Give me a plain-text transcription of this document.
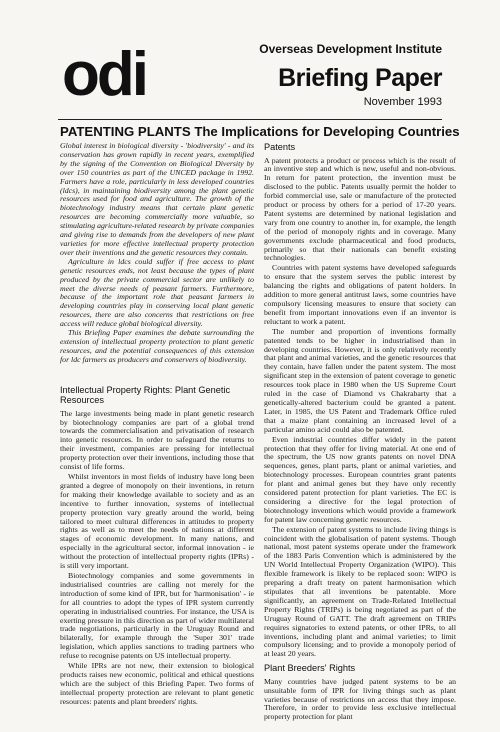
odi	Overseas Development Institute
Briefing Paper
November 1993
PATENTING PLANTS The Implications for Developing Countries

Global interest in biological diversity - 'biodiversity' - and its conservation has grown rapidly in recent years, exemplified by the signing of the Convention on Biological Diversity by over 150 countries as part of the UNCED package in 1992. Farmers have a role, particularly in less developed countries (ldcs), in maintaining biodiversity among the plant genetic resources used for food and agriculture. The growth of the biotechnology industry means that certain plant genetic resources are becoming commercially more valuable, so stimulating agriculture-related research by private companies and giving rise to demands from the developers of new plant varieties for more effective intellectual property protection over their inventions and the genetic resources they contain.

Agriculture in ldcs could suffer if free access to plant genetic resources ends, not least because the types of plant produced by the private commercial sector are unlikely to meet the diverse needs of peasant farmers. Furthermore, because of the important role that peasant farmers in developing countries play in conserving local plant genetic resources, there are also concerns that restrictions on free access will reduce global biological diversity.

This Briefing Paper examines the debate surrounding the extension of intellectual property protection to plant genetic resources, and the potential consequences of this extension for ldc farmers as producers and conservers of biodiversity.

Intellectual Property Rights: Plant Genetic Resources

The large investments being made in plant genetic research by biotechnology companies are part of a global trend towards the commercialisation and privatisation of research into genetic resources. In order to safeguard the returns to their investment, companies are pressing for intellectual property protection over their inventions, including those that consist of life forms.

Whilst inventors in most fields of industry have long been granted a degree of monopoly on their inventions, in return for making their knowledge available to society and as an incentive to further innovation, systems of intellectual property protection vary greatly around the world, being tailored to meet cultural differences in attitudes to property rights as well as to meet the needs of nations at different stages of economic development. In many nations, and especially in the agricultural sector, informal innovation - ie without the protection of intellectual property rights (IPRs) - is still very important.

Biotechnology companies and some governments in industrialised countries are calling not merely for the introduction of some kind of IPR, but for 'harmonisation' - ie for all countries to adopt the types of IPR system currently operating in industrialised countries. For instance, the USA is exerting pressure in this direction as part of wider multilateral trade negotiations, particularly in the Uruguay Round and bilaterally, for example through the 'Super 301' trade legislation, which applies sanctions to trading partners who refuse to recognise patents on US intellectual property.

While IPRs are not new, their extension to biological products raises new economic, political and ethical questions which are the subject of this Briefing Paper. Two forms of intellectual property protection are relevant to plant genetic resources: patents and plant breeders' rights.

Patents

A patent protects a product or process which is the result of an inventive step and which is new, useful and non-obvious. In return for patent protection, the invention must be disclosed to the public. Patents usually permit the holder to forbid commercial use, sale or manufacture of the protected product or process by others for a period of 17-20 years. Patent systems are determined by national legislation and vary from one country to another in, for example, the length of the period of monopoly rights and in coverage. Many governments exclude pharmaceutical and food products, primarily so that their nationals can benefit existing technologies.

Countries with patent systems have developed safeguards to ensure that the system serves the public interest by balancing the rights and obligations of patent holders. In addition to more general antitrust laws, some countries have compulsory licensing measures to ensure that society can benefit from important innovations even if an inventor is reluctant to work a patent.

The number and proportion of inventions formally patented tends to be higher in industrialised than in developing countries. However, it is only relatively recently that plant and animal varieties, and the genetic resources that they contain, have fallen under the patent system. The most significant step in the extension of patent coverage to genetic resources took place in 1980 when the US Supreme Court ruled in the case of Diamond vs Chakrabarty that a genetically-altered bacterium could be granted a patent. Later, in 1985, the US Patent and Trademark Office ruled that a maize plant containing an increased level of a particular amino acid could also be patented.

Even industrial countries differ widely in the patent protection that they offer for living material. At one end of the spectrum, the US now grants patents on novel DNA sequences, genes, plant parts, plant or animal varieties, and biotechnology processes. European countries grant patents for plant and animal genes but they have only recently considered patent protection for plant varieties. The EC is considering a directive for the legal protection of biotechnology inventions which would provide a framework for patent law concerning genetic resources.

The extension of patent systems to include living things is coincident with the globalisation of patent systems. Though national, most patent systems operate under the framework of the 1883 Paris Convention which is administered by the UN World Intellectual Property Organization (WIPO). This flexible framework is likely to be replaced soon: WIPO is preparing a draft treaty on patent harmonisation which stipulates that all inventions be patentable. More significantly, an agreement on Trade-Related Intellectual Property Rights (TRIPs) is being negotiated as part of the Uruguay Round of GATT. The draft agreement on TRIPs requires signatories to extend patents, or other IPRs, to all inventions, including plant and animal varieties; to limit compulsory licensing; and to provide a monopoly period of at least 20 years.

Plant Breeders' Rights

Many countries have judged patent systems to be an unsuitable form of IPR for living things such as plant varieties because of restrictions on access that they impose. Therefore, in order to provide less exclusive intellectual property protection for plant
